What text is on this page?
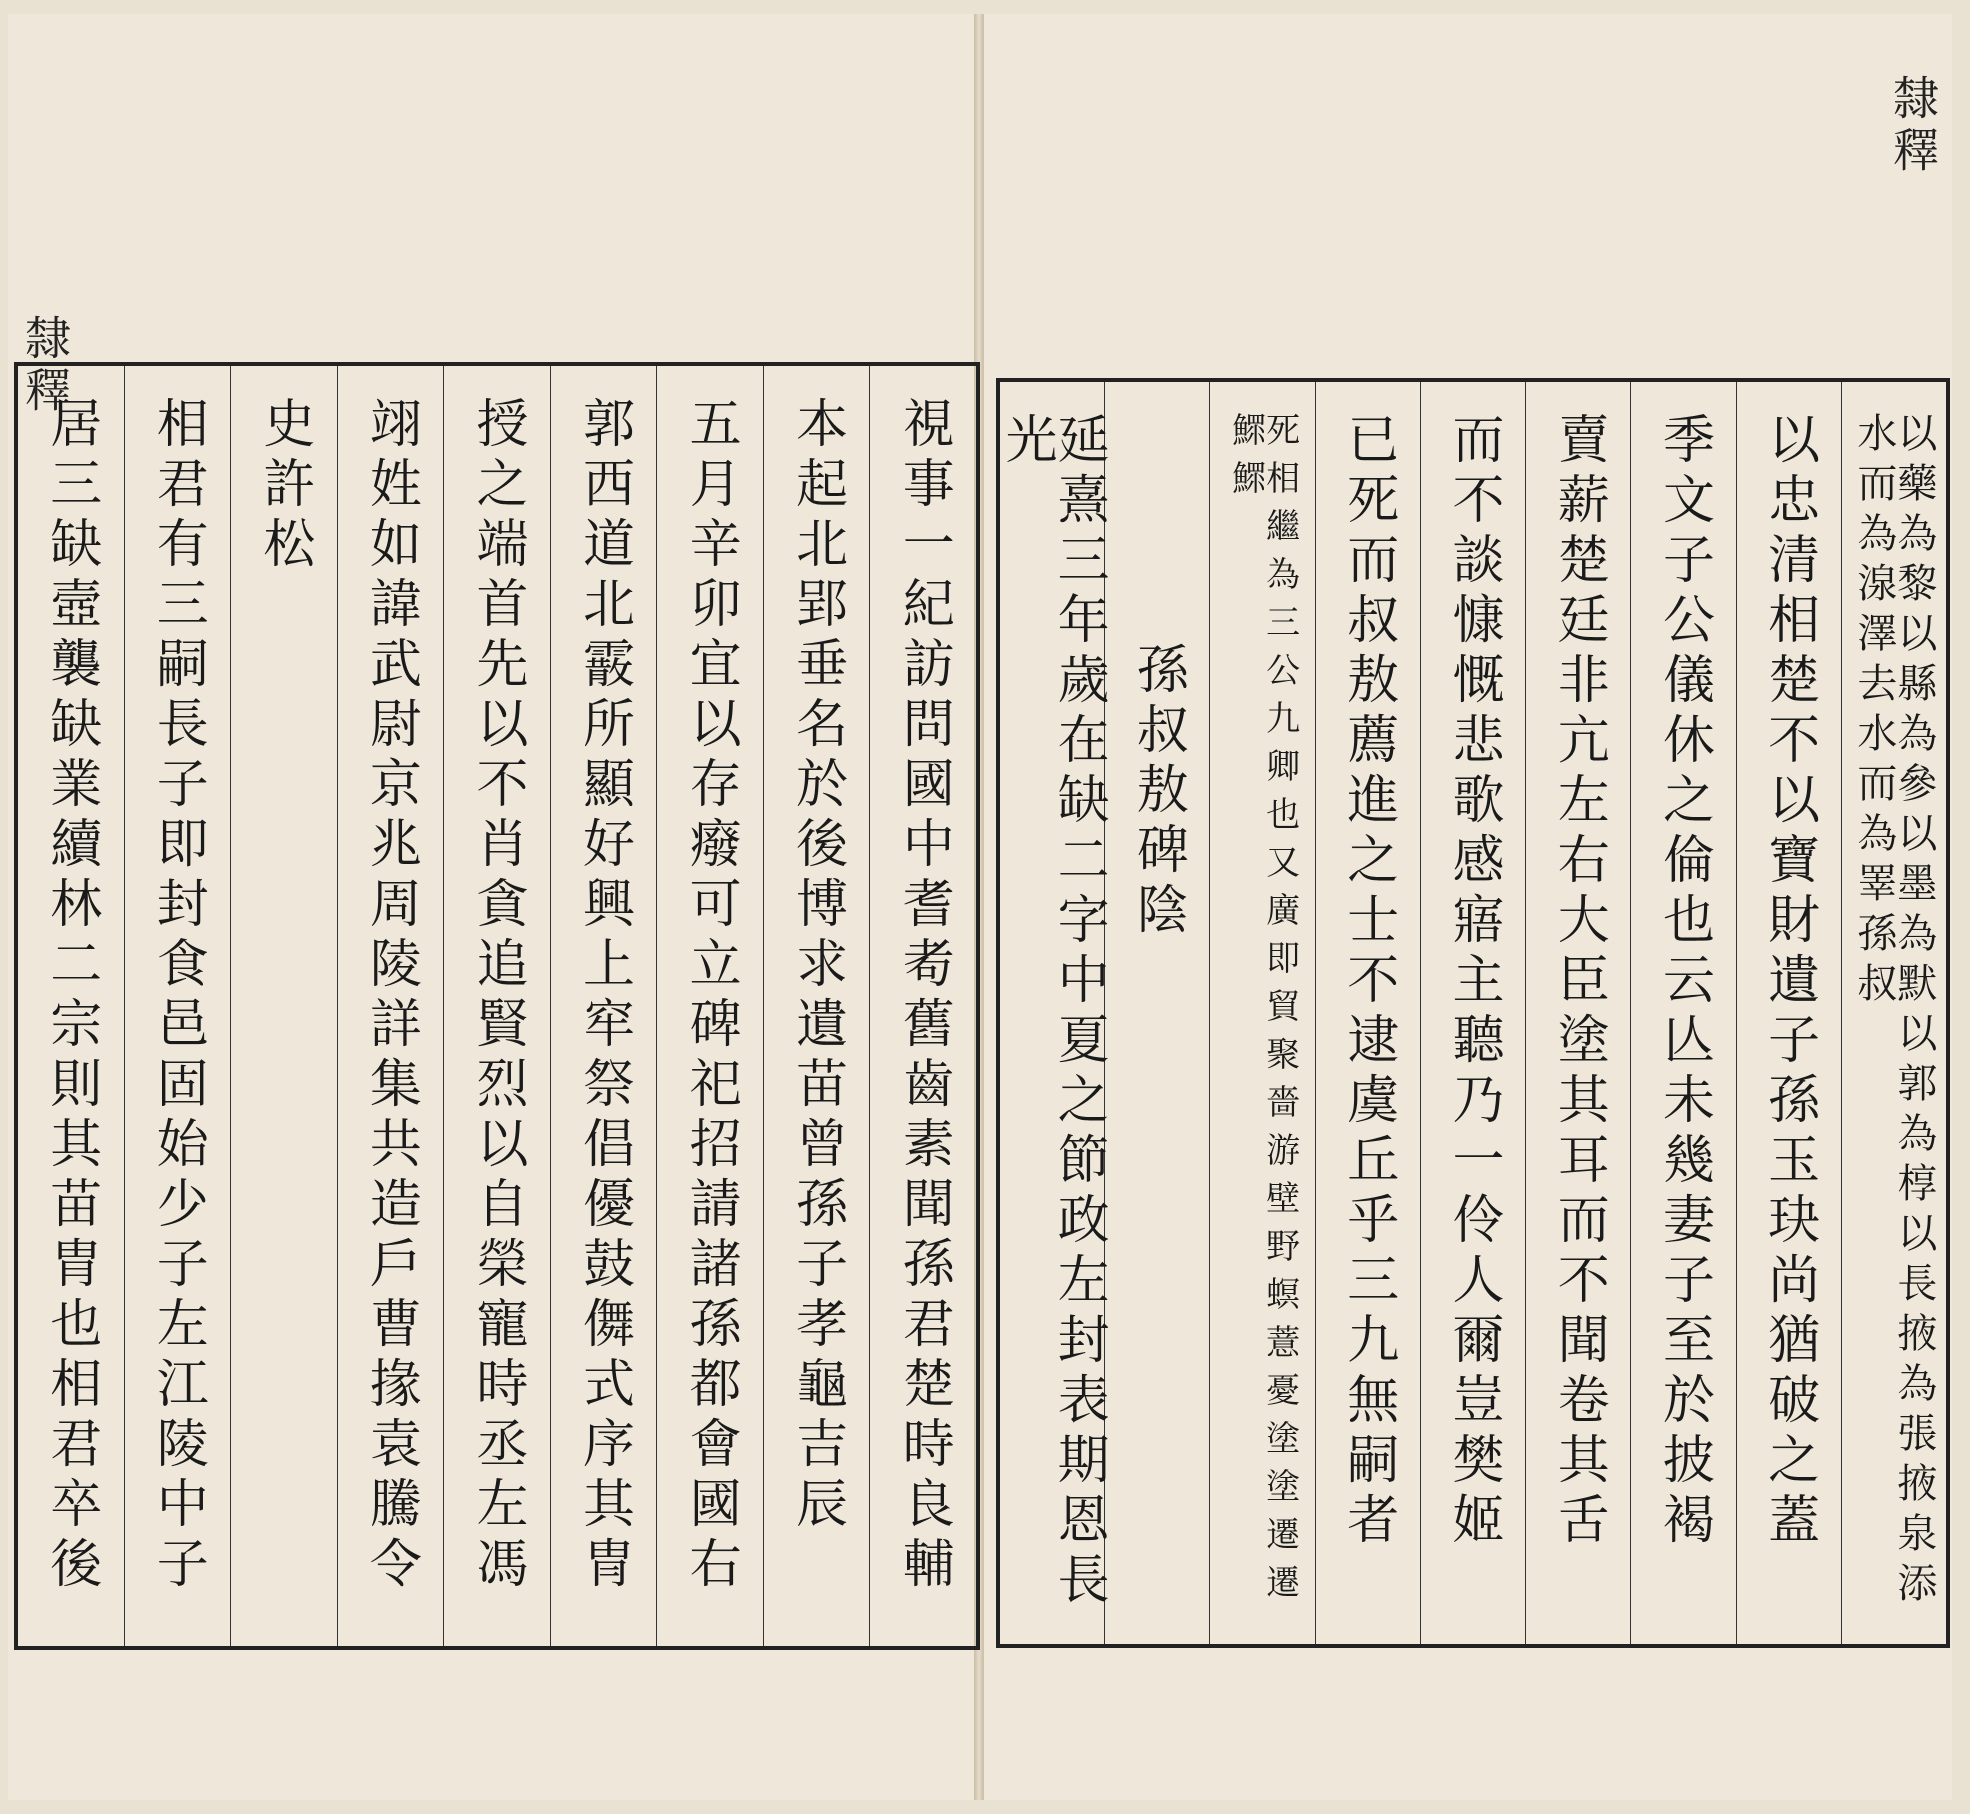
隸釋
隸釋
視事一紀訪問國中耆耇舊齒素聞孫君楚時良輔
本起北郢垂名於後博求遺苗曾孫子孝龜吉辰
五月辛卯宜以存癈可立碑祀招請諸孫都會國右
郭西道北霰所顯好興上窂祭倡優鼓儛式序其冑
授之端首先以不肖貪追賢烈以自榮寵時丞左馮
翊姓如諱武尉京兆周陵詳集共造戶曹掾袁騰令
史許松
相君有三嗣長子即封食邑固始少子左江陵中子
居三缺壼襲缺業續林二宗則其苗胄也相君卒後	以藥為黎以縣為參以墨為默以郭為椁以長掖為張掖泉添水而為湶澤去水而為睪孫叔
以忠清相楚不以寶財遺子孫玉玦尚猶破之蓋
季文子公儀休之倫也云亾未幾妻子至於披褐
賣薪楚廷非亢左右大臣塗其耳而不聞卷其舌
而不談慷慨悲歌感寤主聽乃一伶人爾豈樊姬
已死而叔敖薦進之士不逮虞丘乎三九無嗣者
死相繼為三公九卿也又廣即貿聚嗇游壁野螟薏憂塗塗遷遷鰥鰥
孫叔敖碑陰
延熹三年歲在缺二字中夏之節政左封表期恩長光
